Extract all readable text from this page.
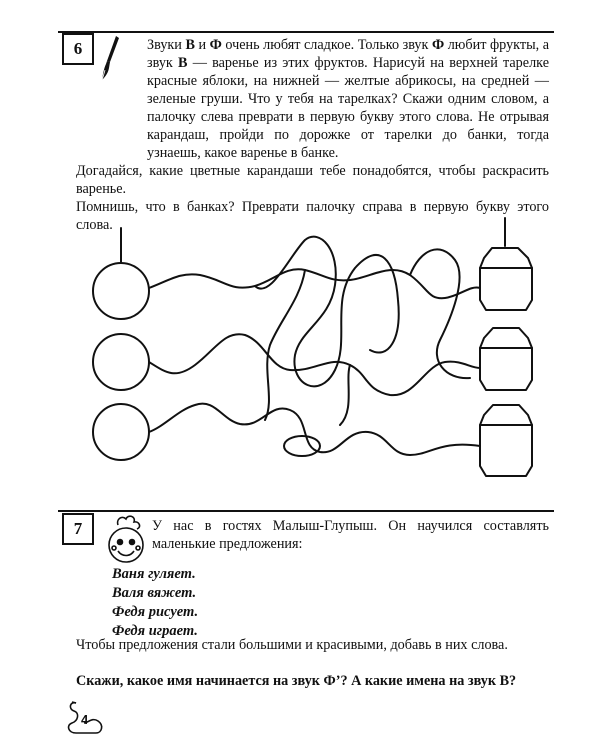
6	Звуки В и Ф очень любят сладкое. Только звук Ф любит фрукты, а звук В — варенье из этих фруктов. Нарисуй на верхней тарелке красные яблоки, на нижней — желтые абрикосы, на средней — зеленые груши. Что у тебя на тарелках? Скажи одним словом, а палочку слева преврати в первую букву этого слова. Не отрывая карандаш, пройди по дорожке от тарелки до банки, тогда узнаешь, какое варенье в банке.
Догадайся, какие цветные карандаши тебе понадобятся, чтобы раскрасить варенье.
Помнишь, что в банках? Преврати палочку справа в первую букву этого слова.
7	У нас в гостях Малыш-Глупыш. Он научился составлять маленькие предложения:
Ваня гуляет.
Валя вяжет.
Федя рисует.
Федя играет.
Чтобы предложения стали большими и красивыми, добавь в них слова.
Скажи, какое имя начинается на звук Ф’? А какие имена на звук В?
4
